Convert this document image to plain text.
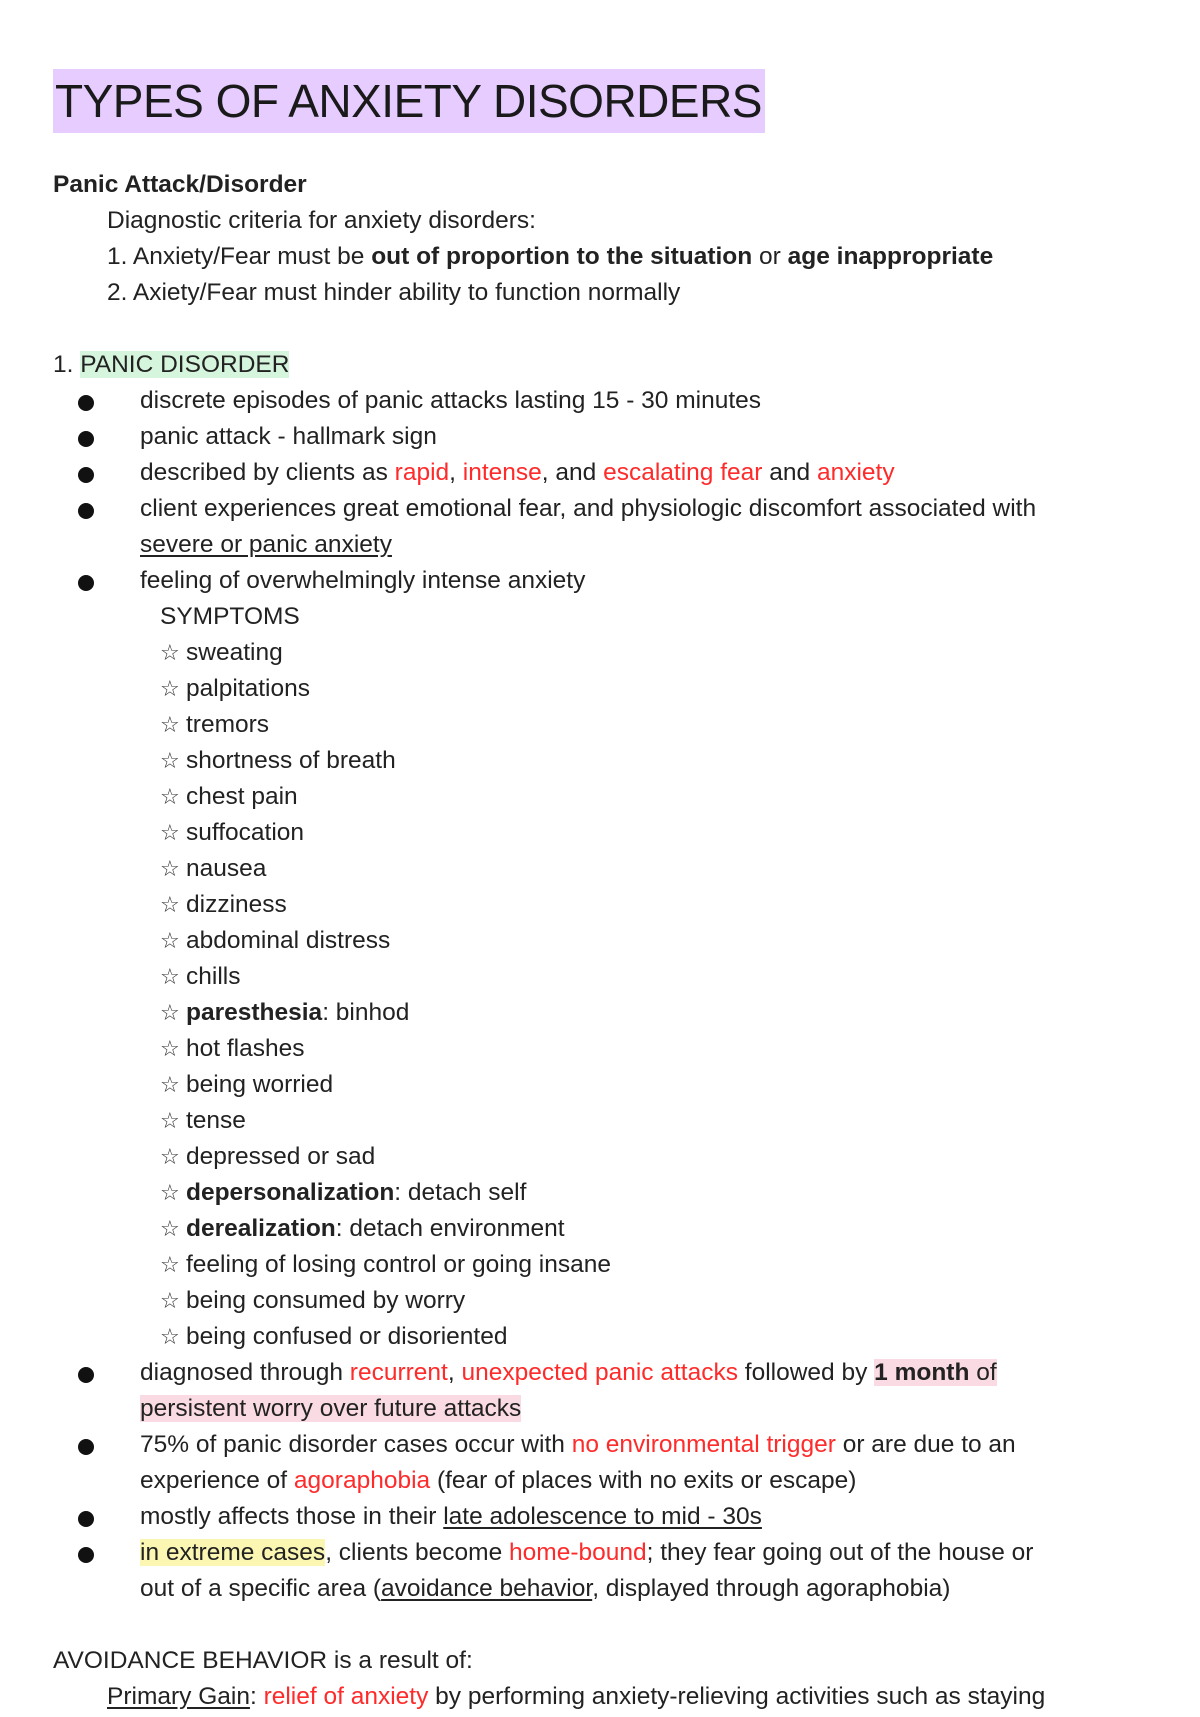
TYPES OF ANXIETY DISORDERS
Panic Attack/Disorder
Diagnostic criteria for anxiety disorders:
1. Anxiety/Fear must be out of proportion to the situation or age inappropriate
2. Axiety/Fear must hinder ability to function normally
1. PANIC DISORDER
discrete episodes of panic attacks lasting 15 - 30 minutes
panic attack - hallmark sign
described by clients as rapid, intense, and escalating fear and anxiety
client experiences great emotional fear, and physiologic discomfort associated with
severe or panic anxiety
feeling of overwhelmingly intense anxiety
SYMPTOMS
☆ sweating
☆ palpitations
☆ tremors
☆ shortness of breath
☆ chest pain
☆ suffocation
☆ nausea
☆ dizziness
☆ abdominal distress
☆ chills
☆ paresthesia: binhod
☆ hot flashes
☆ being worried
☆ tense
☆ depressed or sad
☆ depersonalization: detach self
☆ derealization: detach environment
☆ feeling of losing control or going insane
☆ being consumed by worry
☆ being confused or disoriented
diagnosed through recurrent, unexpected panic attacks followed by 1 month of
persistent worry over future attacks
75% of panic disorder cases occur with no environmental trigger or are due to an
experience of agoraphobia (fear of places with no exits or escape)
mostly affects those in their late adolescence to mid - 30s
in extreme cases, clients become home-bound; they fear going out of the house or
out of a specific area (avoidance behavior, displayed through agoraphobia)
AVOIDANCE BEHAVIOR is a result of:
Primary Gain: relief of anxiety by performing anxiety-relieving activities such as staying
